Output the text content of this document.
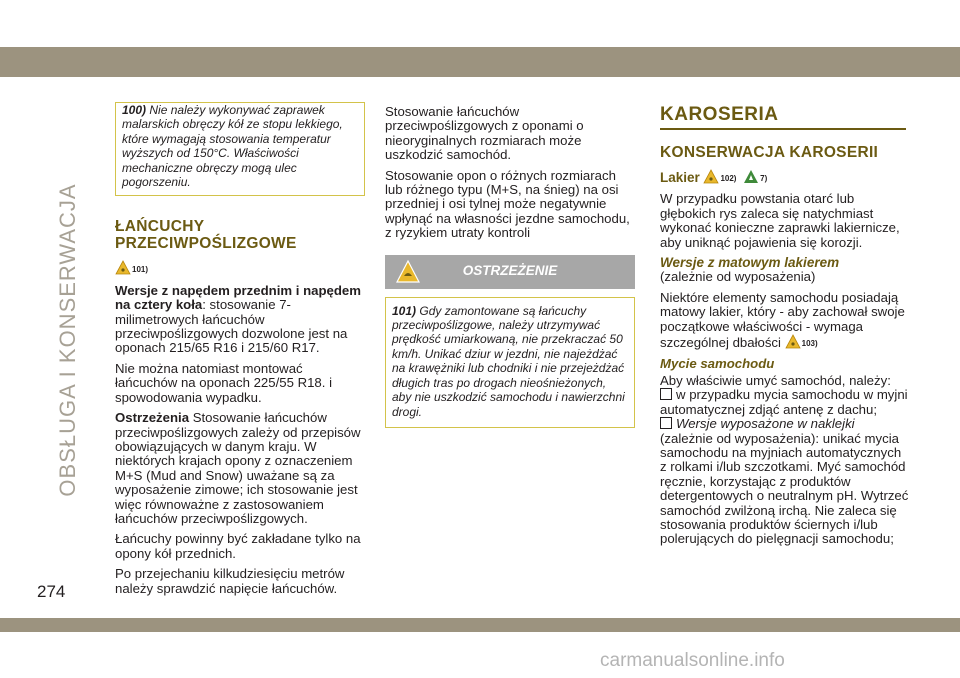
OBSŁUGA I KONSERWACJA
274
100) Nie należy wykonywać zaprawek malarskich obręczy kół ze stopu lekkiego, które wymagają stosowania temperatur wyższych od 150°C. Właściwości mechaniczne obręczy mogą ulec pogorszeniu.
ŁAŃCUCHY PRZECIWPOŚLIZGOWE

101)

Wersje z napędem przednim i napędem na cztery koła: stosowanie 7-milimetrowych łańcuchów przeciwpoślizgowych dozwolone jest na oponach 215/65 R16 i 215/60 R17.

Nie można natomiast montować łańcuchów na oponach 225/55 R18. i spowodowania wypadku.

Ostrzeżenia Stosowanie łańcuchów przeciwpoślizgowych zależy od przepisów obowiązujących w danym kraju. W niektórych krajach opony z oznaczeniem M+S (Mud and Snow) uważane są za wyposażenie zimowe; ich stosowanie jest więc równoważne z zastosowaniem łańcuchów przeciwpoślizgowych.

Łańcuchy powinny być zakładane tylko na opony kół przednich.

Po przejechaniu kilkudziesięciu metrów należy sprawdzić napięcie łańcuchów.

Stosowanie łańcuchów przeciwpoślizgowych z oponami o nieoryginalnych rozmiarach może uszkodzić samochód.

Stosowanie opon o różnych rozmiarach lub różnego typu (M+S, na śnieg) na osi przedniej i osi tylnej może negatywnie wpłynąć na własności jezdne samochodu, z ryzykiem utraty kontroli

OSTRZEŻENIE
101) Gdy zamontowane są łańcuchy przeciwpoślizgowe, należy utrzymywać prędkość umiarkowaną, nie przekraczać 50 km/h. Unikać dziur w jezdni, nie najeżdżać na krawężniki lub chodniki i nie przejeżdżać długich tras po drogach nieośnieżonych, aby nie uszkodzić samochodu i nawierzchni drogi.
KAROSERIA
KONSERWACJA KAROSERII

Lakier	102)	7)

W przypadku powstania otarć lub głębokich rys zaleca się natychmiast wykonać konieczne zaprawki lakiernicze, aby uniknąć pojawienia się korozji.

Wersje z matowym lakierem

(zależnie od wyposażenia)

Niektóre elementy samochodu posiadają matowy lakier, który - aby zachował swoje początkowe właściwości - wymaga szczególnej dbałości	103)

Mycie samochodu

Aby właściwie umyć samochód, należy:

w przypadku mycia samochodu w myjni automatycznej zdjąć antenę z dachu;

Wersje wyposażone w naklejki (zależnie od wyposażenia): unikać mycia samochodu na myjniach automatycznych z rolkami i/lub szczotkami. Myć samochód ręcznie, korzystając z produktów detergentowych o neutralnym pH. Wytrzeć samochód zwilżoną irchą. Nie zaleca się stosowania produktów ściernych i/lub polerujących do pielęgnacji samochodu;

carmanualsonline.info
